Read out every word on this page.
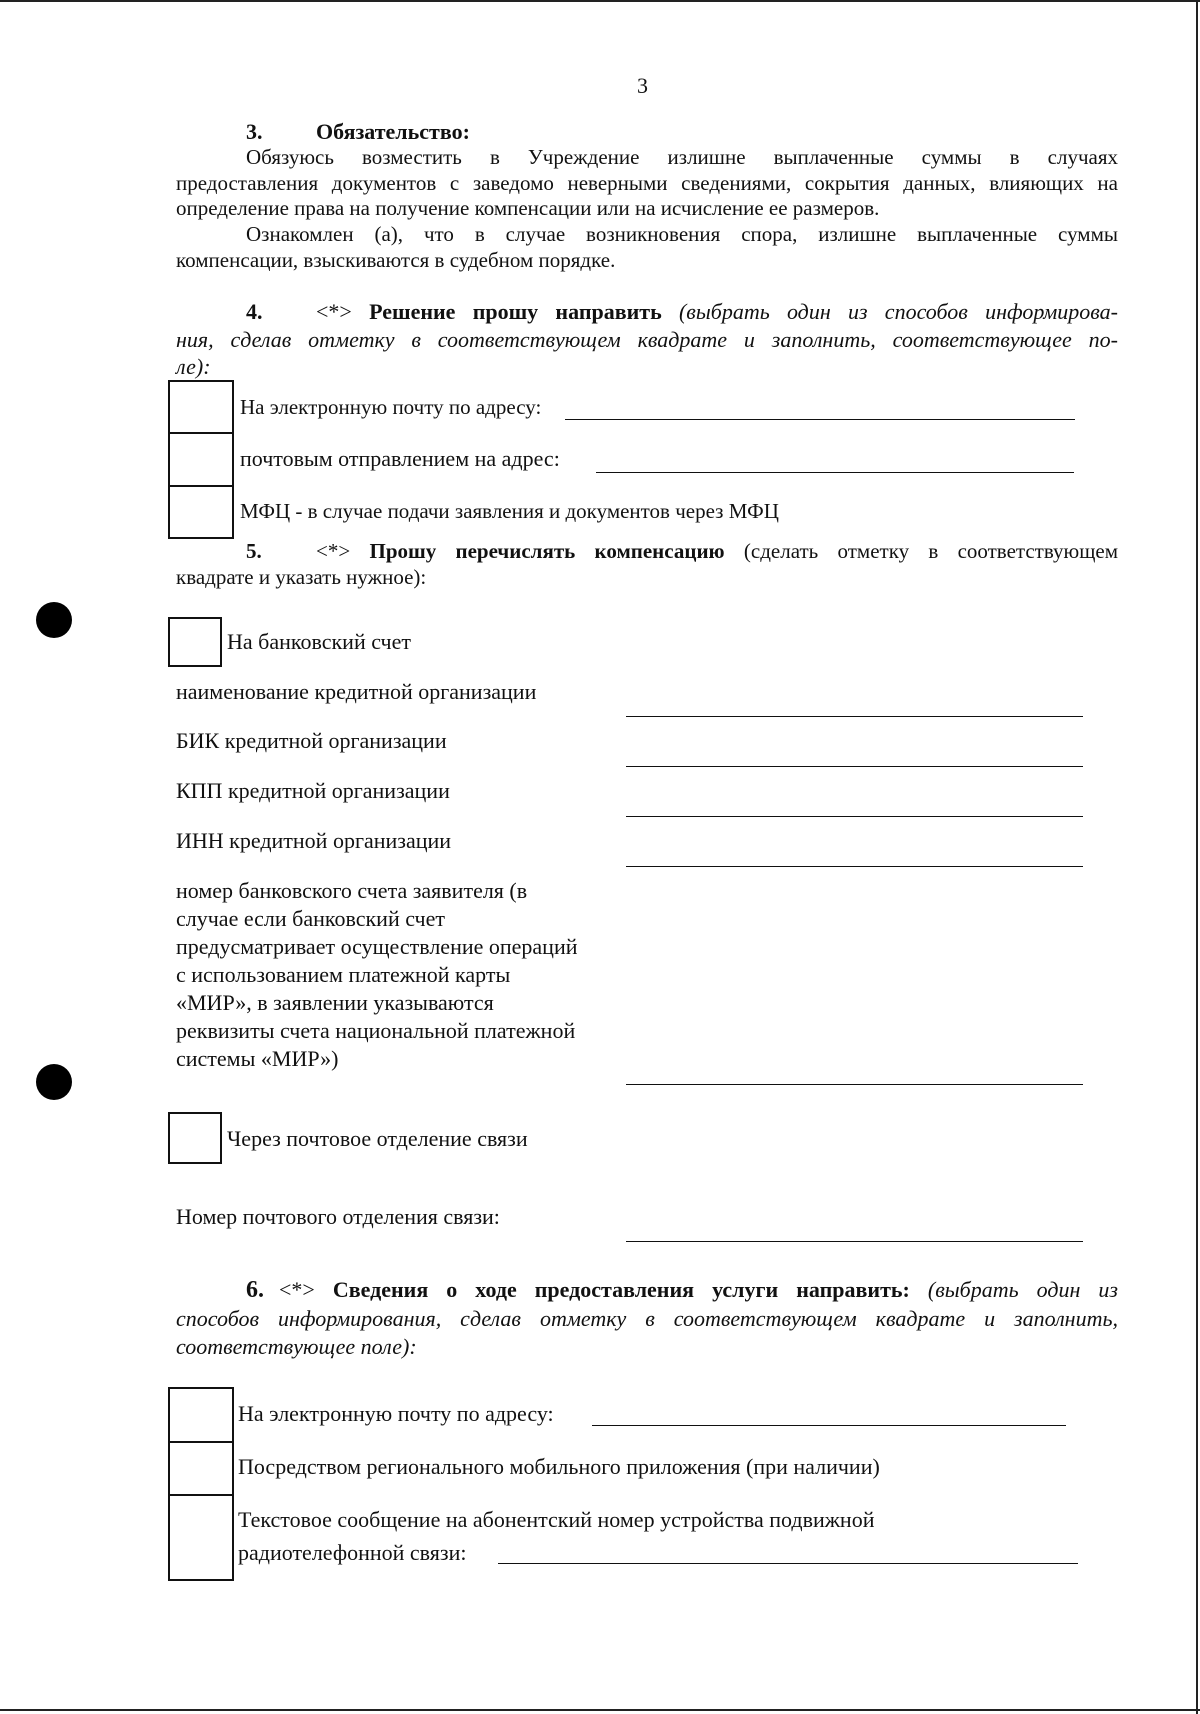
3
3. Обязательство:
Обязуюсь возместить в Учреждение излишне выплаченные суммы в случаях
предоставления документов с заведомо неверными сведениями, сокрытия данных, влияющих на
определение права на получение компенсации или на исчисление ее размеров.
Ознакомлен (а), что в случае возникновения спора, излишне выплаченные суммы
компенсации, взыскиваются в судебном порядке.
4. <*> Решение прошу направить (выбрать один из способов информирова-
ния, сделав отметку в соответствующем квадрате и заполнить, соответствующее по-
ле):
На электронную почту по адресу:
почтовым отправлением на адрес:
МФЦ - в случае подачи заявления и документов через МФЦ
5.	<*> Прошу перечислять компенсацию (сделать отметку в соответствующем
квадрате и указать нужное):
На банковский счет
наименование кредитной организации
БИК кредитной организации
КПП кредитной организации
ИНН кредитной организации
номер банковского счета заявителя (в
случае если банковский счет
предусматривает осуществление операций
с использованием платежной карты
«МИР», в заявлении указываются
реквизиты счета национальной платежной
системы «МИР»)
Через почтовое отделение связи
Номер почтового отделения связи:
6. <*> Сведения о ходе предоставления услуги направить: (выбрать один из
способов информирования, сделав отметку в соответствующем квадрате и заполнить,
соответствующее поле):
На электронную почту по адресу:
Посредством регионального мобильного приложения (при наличии)
Текстовое сообщение на абонентский номер устройства подвижной
радиотелефонной связи:
